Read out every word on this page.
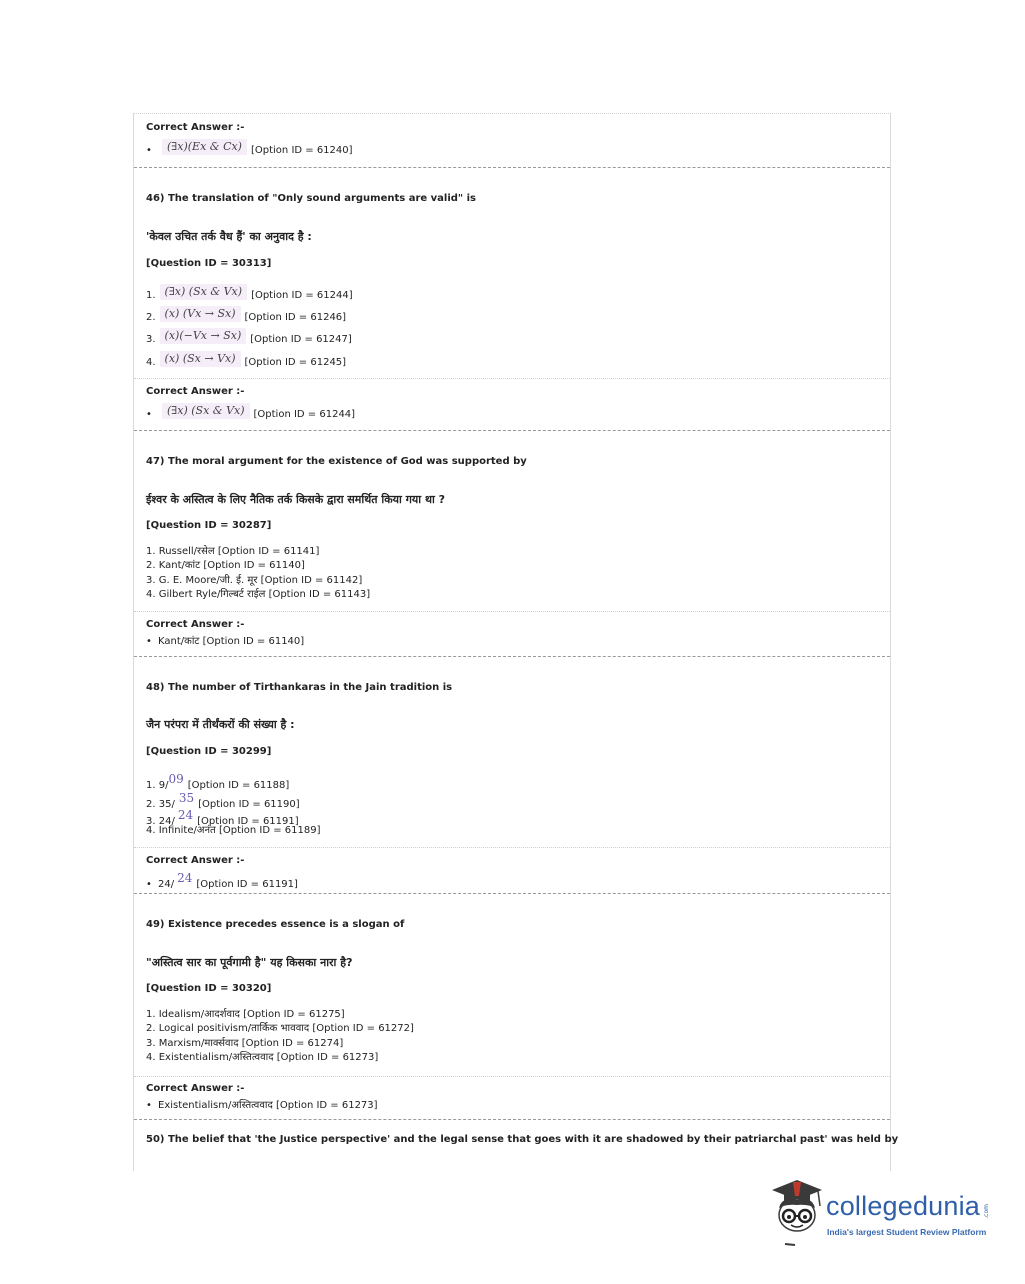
Correct Answer :-
• (∃x)(Ex & Cx) [Option ID = 61240]
46) The translation of "Only sound arguments are valid" is
'केवल उचित तर्क वैध हैं' का अनुवाद है :
[Question ID = 30313]
1. (∃x) (Sx & Vx) [Option ID = 61244]
2. (x) (Vx → Sx) [Option ID = 61246]
3. (x)(−Vx → Sx) [Option ID = 61247]
4. (x) (Sx → Vx) [Option ID = 61245]
Correct Answer :-
• (∃x) (Sx & Vx) [Option ID = 61244]
47) The moral argument for the existence of God was supported by
ईश्वर के अस्तित्व के लिए नैतिक तर्क किसके द्वारा समर्थित किया गया था ?
[Question ID = 30287]
1. Russell/रसेल [Option ID = 61141]
2. Kant/कांट [Option ID = 61140]
3. G. E. Moore/जी. ई. मूर [Option ID = 61142]
4. Gilbert Ryle/गिल्बर्ट राईल [Option ID = 61143]
Correct Answer :-
• Kant/कांट [Option ID = 61140]
48) The number of Tirthankaras in the Jain tradition is
जैन परंपरा में तीर्थंकरों की संख्या है :
[Question ID = 30299]
1. 9/09 [Option ID = 61188]
2. 35/ 35 [Option ID = 61190]
3. 24/ 24 [Option ID = 61191]
4. Infinite/अनंत [Option ID = 61189]
Correct Answer :-
• 24/ 24 [Option ID = 61191]
49) Existence precedes essence is a slogan of
"अस्तित्व सार का पूर्वगामी है" यह किसका नारा है?
[Question ID = 30320]
1. Idealism/आदर्शवाद [Option ID = 61275]
2. Logical positivism/तार्किक भाववाद [Option ID = 61272]
3. Marxism/मार्क्सवाद [Option ID = 61274]
4. Existentialism/अस्तित्ववाद [Option ID = 61273]
Correct Answer :-
• Existentialism/अस्तित्ववाद [Option ID = 61273]
50) The belief that 'the Justice perspective' and the legal sense that goes with it are shadowed by their patriarchal past' was held by
collegedunia .com
India's largest Student Review Platform
